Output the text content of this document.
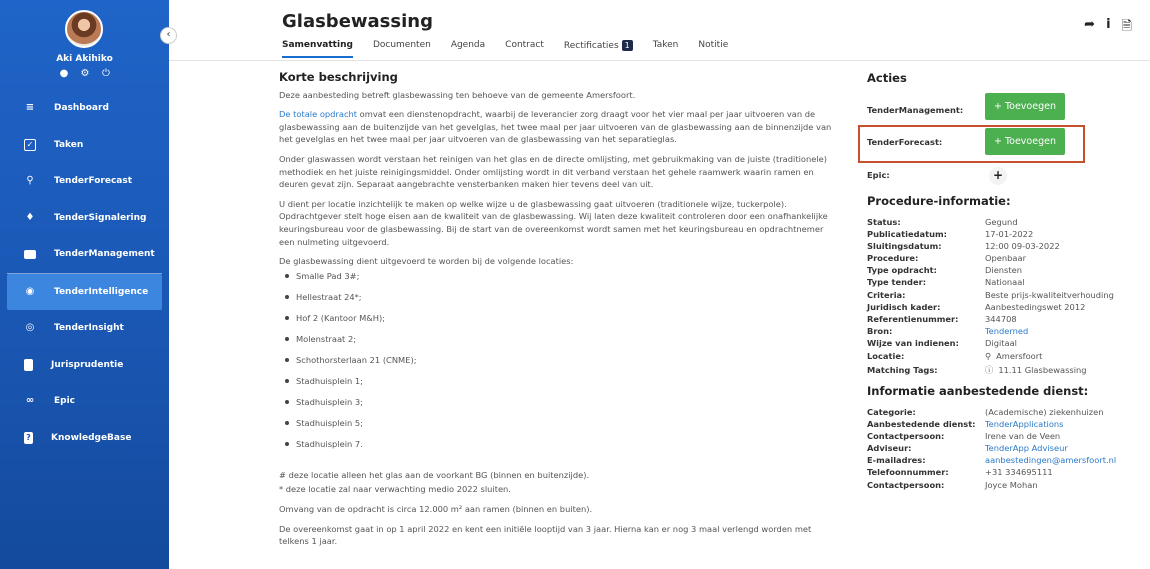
Aki Akihiko
● ⚙ ⏻
≡ Dashboard
✓ Taken
⚲ TenderForecast
♦ TenderSignalering
TenderManagement
◉ TenderIntelligence
◎ TenderInsight
Jurisprudentie
∞ Epic
? KnowledgeBase
‹
Glasbewassing
Samenvatting Documenten Agenda Contract Rectificaties 1	Taken Notitie
➦ i 🗎
Korte beschrijving

Deze aanbesteding betreft glasbewassing ten behoeve van de gemeente Amersfoort.

De totale opdracht omvat een dienstenopdracht, waarbij de leverancier zorg draagt voor het vier maal per jaar uitvoeren van de glasbewassing aan de buitenzijde van het gevelglas, het twee maal per jaar uitvoeren van de glasbewassing aan de binnenzijde van het gevelglas en het twee maal per jaar uitvoeren van de glasbewassing van het separatieglas.

Onder glaswassen wordt verstaan het reinigen van het glas en de directe omlijsting, met gebruikmaking van de juiste (traditionele) methodiek en het juiste reinigingsmiddel. Onder omlijsting wordt in dit verband verstaan het gehele raamwerk waarin ramen en deuren gevat zijn. Separaat aangebrachte vensterbanken maken hier tevens deel van uit.

U dient per locatie inzichtelijk te maken op welke wijze u de glasbewassing gaat uitvoeren (traditionele wijze, tuckerpole). Opdrachtgever stelt hoge eisen aan de kwaliteit van de glasbewassing. Wij laten deze kwaliteit controleren door een onafhankelijke keuringsbureau voor de glasbewassing. Bij de start van de overeenkomst wordt samen met het keuringsbureau en opdrachtnemer een nulmeting uitgevoerd.

De glasbewassing dient uitgevoerd te worden bij de volgende locaties:

Smalle Pad 3#;
Hellestraat 24*;
Hof 2 (Kantoor M&H);
Molenstraat 2;
Schothorsterlaan 21 (CNME);
Stadhuisplein 1;
Stadhuisplein 3;
Stadhuisplein 5;
Stadhuisplein 7.

# deze locatie alleen het glas aan de voorkant BG (binnen en buitenzijde).

* deze locatie zal naar verwachting medio 2022 sluiten.

Omvang van de opdracht is circa 12.000 m² aan ramen (binnen en buiten).

De overeenkomst gaat in op 1 april 2022 en kent een initiële looptijd van 3 jaar. Hierna kan er nog 3 maal verlengd worden met telkens 1 jaar.

Acties
TenderManagement:	+ Toevoegen
TenderForecast:	+ Toevoegen
Epic:	+
Procedure-informatie:
Status:	Gegund
Publicatiedatum:	17-01-2022
Sluitingsdatum:	12:00 09-03-2022
Procedure:	Openbaar
Type opdracht:	Diensten
Type tender:	Nationaal
Criteria:	Beste prijs-kwaliteitverhouding
Juridisch kader:	Aanbestedingswet 2012
Referentienummer:	344708
Bron:	Tenderned
Wijze van indienen:	Digitaal
Locatie:	⚲ Amersfoort
Matching Tags:	ⓘ 11.11 Glasbewassing
Informatie aanbestedende dienst:
Categorie:	(Academische) ziekenhuizen
Aanbestedende dienst:	TenderApplications
Contactpersoon:	Irene van de Veen
Adviseur:	TenderApp Adviseur
E-mailadres:	aanbestedingen@amersfoort.nl
Telefoonnummer:	+31 334695111
Contactpersoon:	Joyce Mohan
